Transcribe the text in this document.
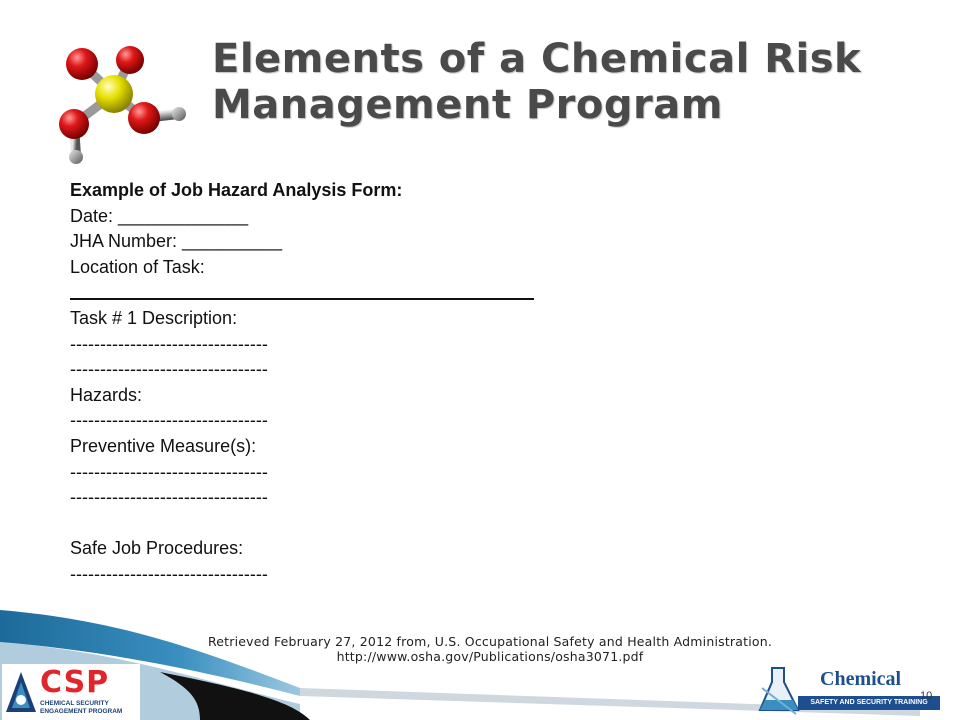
Elements of a Chemical Risk
Management Program
Example of Job Hazard Analysis Form:
Date: _____________
JHA Number: __________
Location of Task:
Task # 1 Description:
---------------------------------
---------------------------------
Hazards:
---------------------------------
Preventive Measure(s):
---------------------------------
---------------------------------
Safe Job Procedures:
---------------------------------
Retrieved February 27, 2012 from, U.S. Occupational Safety and Health Administration.
http://www.osha.gov/Publications/osha3071.pdf
CSP
CHEMICAL SECURITY
ENGAGEMENT PROGRAM
Chemical
SAFETY AND SECURITY TRAINING
10
